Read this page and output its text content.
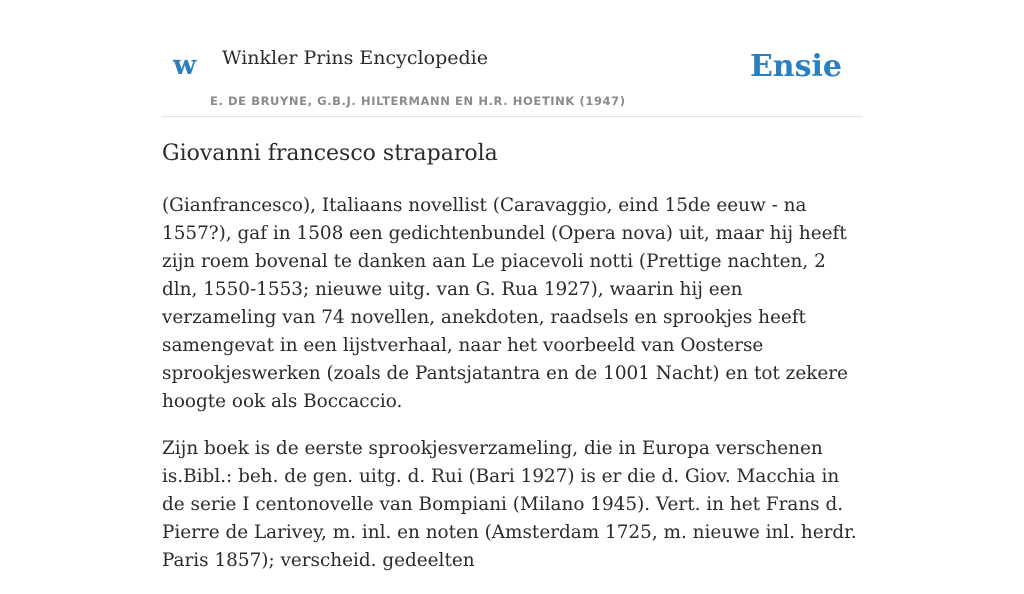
w Winkler Prins Encyclopedie
E. DE BRUYNE, G.B.J. HILTERMANN EN H.R. HOETINK (1947)
Ensie
Giovanni francesco straparola

(Gianfrancesco), Italiaans novellist (Caravaggio, eind 15de eeuw - na 1557?), gaf in 1508 een gedichtenbundel (Opera nova) uit, maar hij heeft zijn roem bovenal te danken aan Le piacevoli notti (Prettige nachten, 2 dln, 1550-1553; nieuwe uitg. van G. Rua 1927), waarin hij een verzameling van 74 novellen, anekdoten, raadsels en sprookjes heeft samengevat in een lijstverhaal, naar het voorbeeld van Oosterse sprookjeswerken (zoals de Pantsjatantra en de 1001 Nacht) en tot zekere hoogte ook als Boccaccio.

Zijn boek is de eerste sprookjesverzameling, die in Europa verschenen is.Bibl.: beh. de gen. uitg. d. Rui (Bari 1927) is er die d. Giov. Macchia in de serie I centonovelle van Bompiani (Milano 1945). Vert. in het Frans d. Pierre de Larivey, m. inl. en noten (Amsterdam 1725, m. nieuwe inl. herdr. Paris 1857); verscheid. gedeelten
